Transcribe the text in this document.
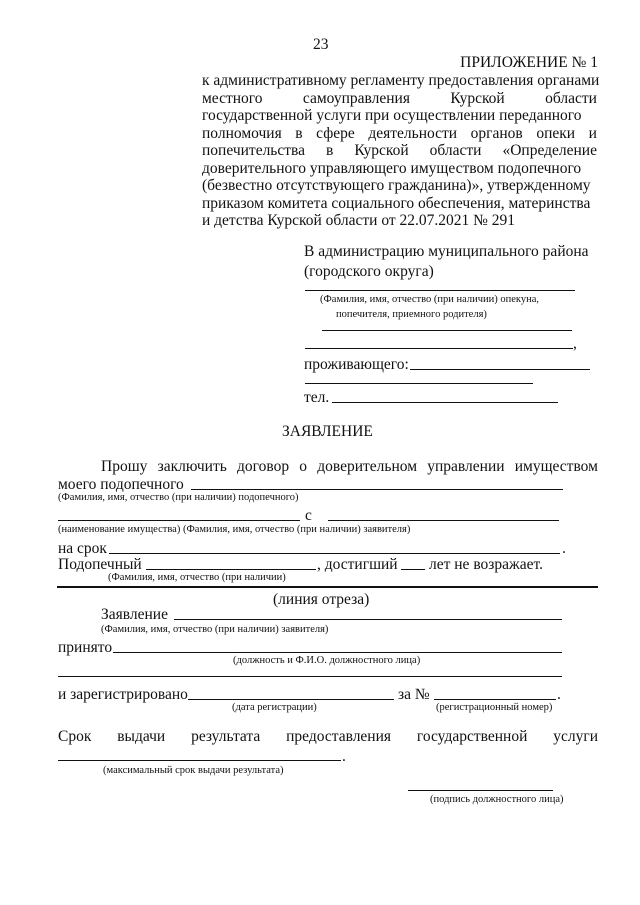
23
ПРИЛОЖЕНИЕ № 1
к административному регламенту предоставления органами
местного	самоуправления	Курской	области
государственной услуги при осуществлении переданного
полномочия в сфере деятельности органов опеки и
попечительства в Курской области «Определение
доверительного управляющего имуществом подопечного
(безвестно отсутствующего гражданина)», утвержденному
приказом комитета социального обеспечения, материнства
и детства Курской области от 22.07.2021 № 291
В администрацию муниципального района
(городского округа)
(Фамилия, имя, отчество (при наличии) опекуна,
попечителя, приемного родителя)
,
проживающего:
тел.
ЗАЯВЛЕНИЕ
Прошу заключить договор о доверительном управлении имуществом
моего подопечного
(Фамилия, имя, отчество (при наличии) подопечного)
с
(наименование имущества) (Фамилия, имя, отчество (при наличии) заявителя)
на срок	.
Подопечный	, достигший лет не возражает.
(Фамилия, имя, отчество (при наличии)
(линия отреза)
Заявление
(Фамилия, имя, отчество (при наличии) заявителя)
принято
(должность и Ф.И.О. должностного лица)
и зарегистрировано	за №	.
(дата регистрации)	(регистрационный номер)
Срок выдачи результата предоставления государственной услуги
.
(максимальный срок выдачи результата)
(подпись должностного лица)
